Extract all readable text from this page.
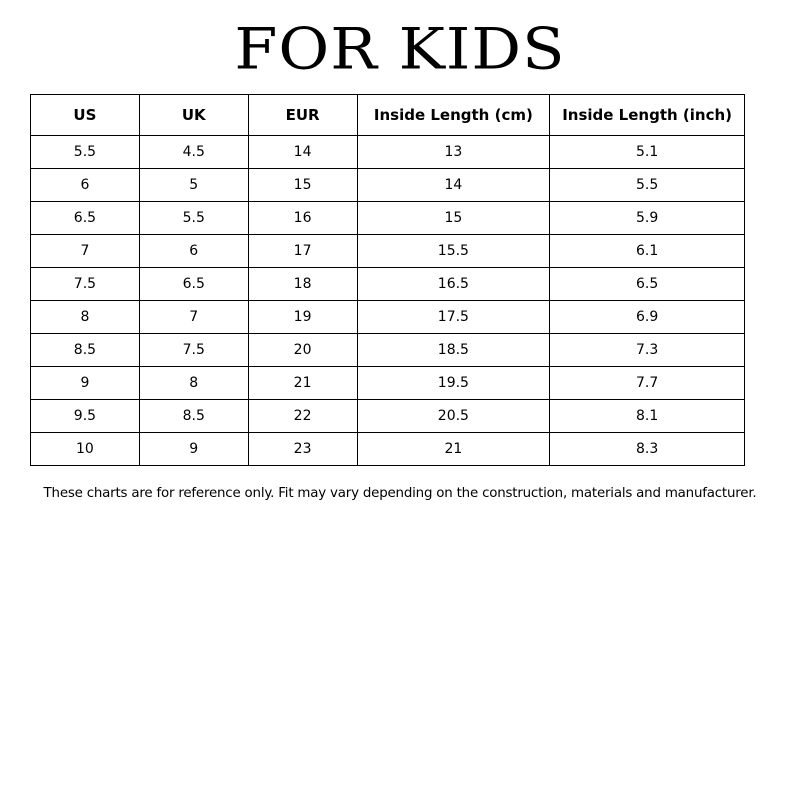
FOR KIDS
US	UK	EUR	Inside Length (cm)	Inside Length (inch)
5.5	4.5	14	13	5.1
6	5	15	14	5.5
6.5	5.5	16	15	5.9
7	6	17	15.5	6.1
7.5	6.5	18	16.5	6.5
8	7	19	17.5	6.9
8.5	7.5	20	18.5	7.3
9	8	21	19.5	7.7
9.5	8.5	22	20.5	8.1
10	9	23	21	8.3
These charts are for reference only. Fit may vary depending on the construction, materials and manufacturer.
